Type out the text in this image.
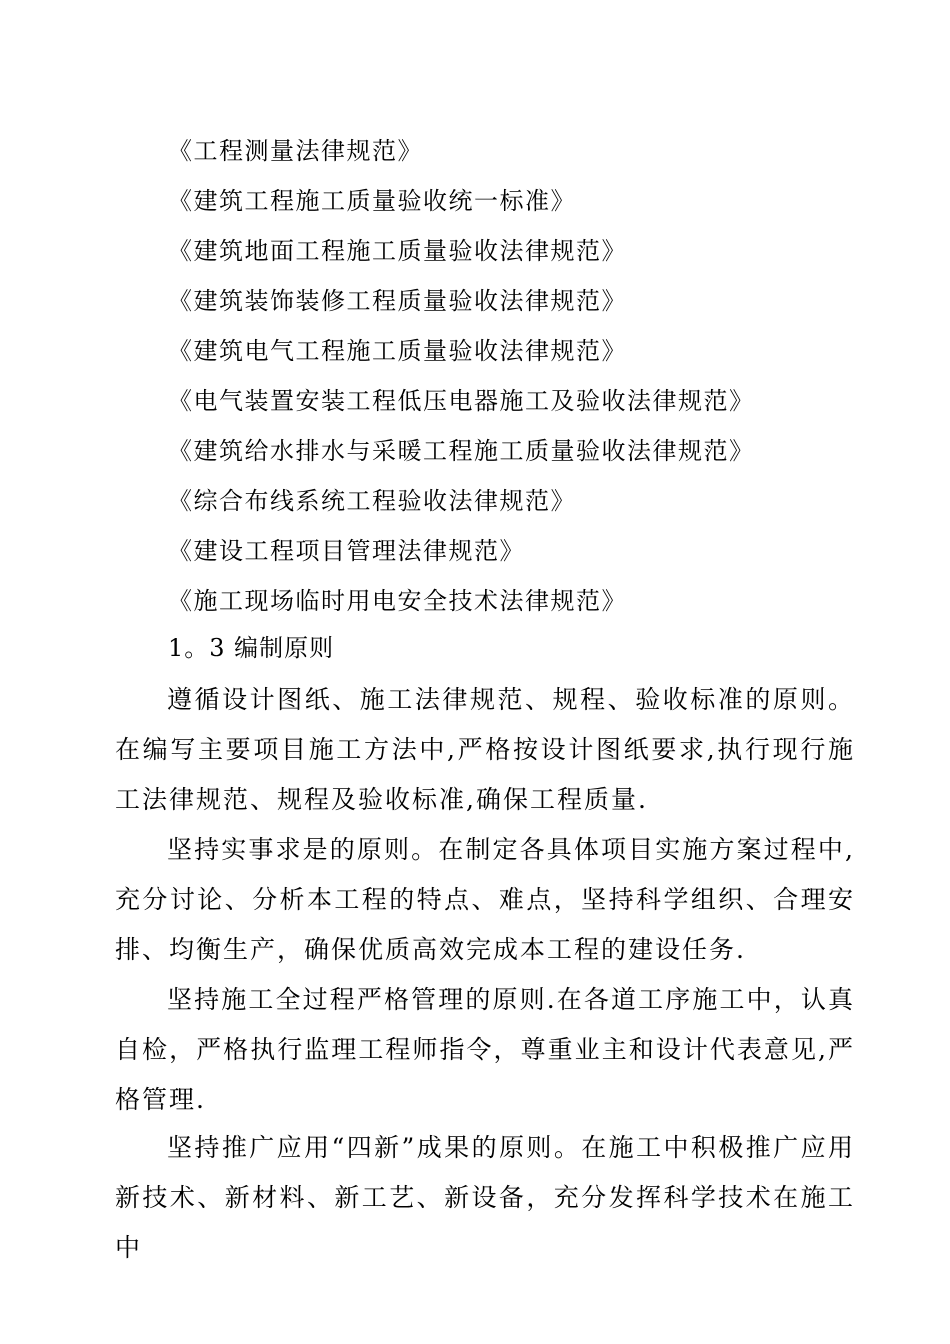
《工程测量法律规范》
《建筑工程施工质量验收统一标准》
《建筑地面工程施工质量验收法律规范》
《建筑装饰装修工程质量验收法律规范》
《建筑电气工程施工质量验收法律规范》
《电气装置安装工程低压电器施工及验收法律规范》
《建筑给水排水与采暖工程施工质量验收法律规范》
《综合布线系统工程验收法律规范》
《建设工程项目管理法律规范》
《施工现场临时用电安全技术法律规范》
1。3 编制原则

遵循设计图纸、施工法律规范、规程、验收标准的原则。在编写主要项目施工方法中,严格按设计图纸要求,执行现行施工法律规范、规程及验收标准,确保工程质量.

坚持实事求是的原则。在制定各具体项目实施方案过程中,充分讨论、分析本工程的特点、难点，坚持科学组织、合理安排、均衡生产，确保优质高效完成本工程的建设任务.

坚持施工全过程严格管理的原则.在各道工序施工中，认真自检，严格执行监理工程师指令，尊重业主和设计代表意见,严格管理.

坚持推广应用“四新”成果的原则。在施工中积极推广应用新技术、新材料、新工艺、新设备，充分发挥科学技术在施工中
